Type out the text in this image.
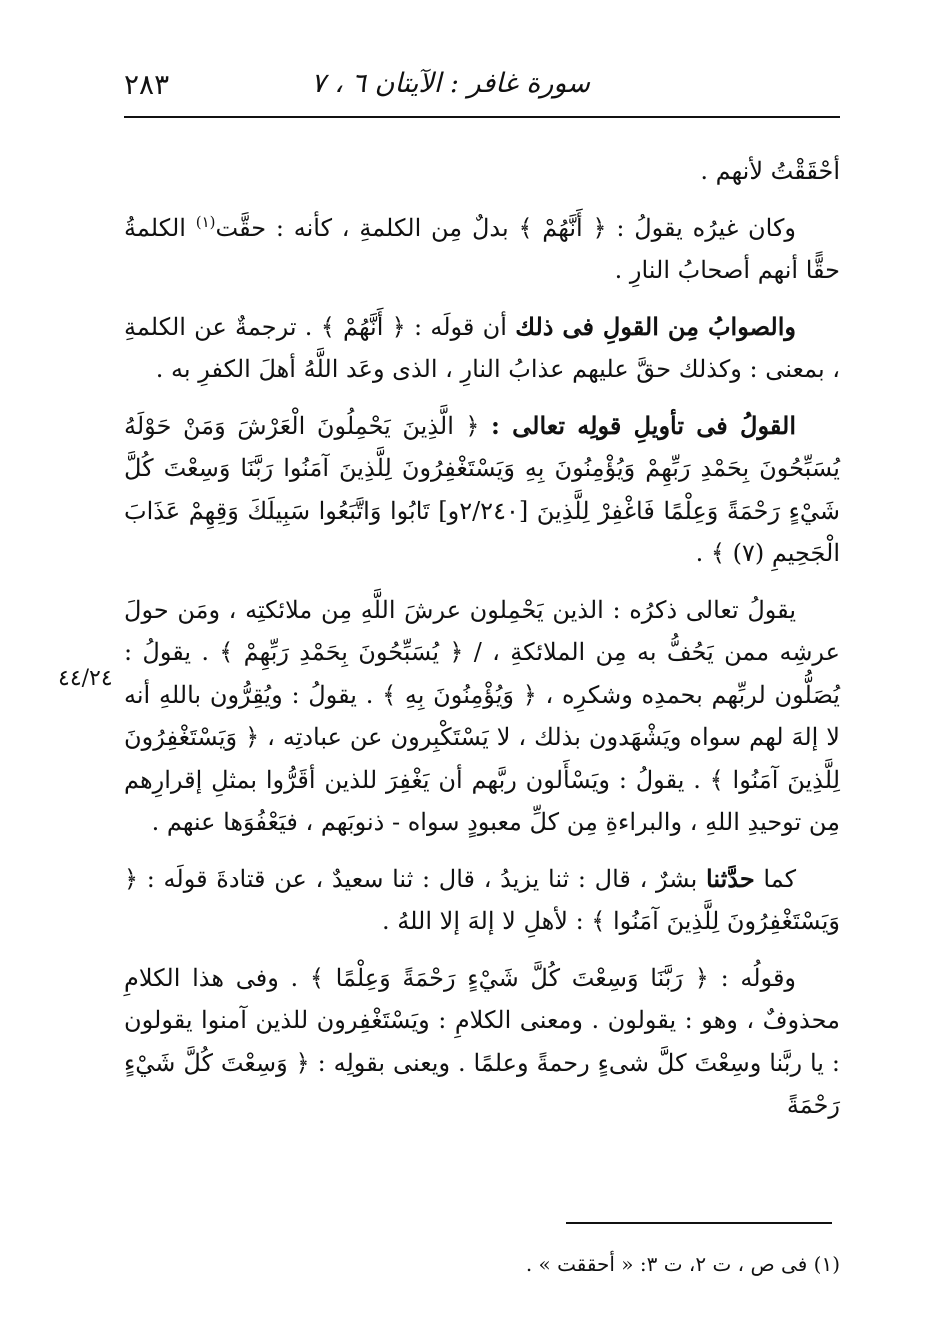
٢٨٣	سورة غافر : الآيتان ٦ ، ٧

أحْقَقْتُ لأنهم .

وكان غيرُه يقولُ : ﴿ أَنَّهُمْ ﴾ بدلٌ مِن الكلمةِ ، كأنه : حقَّت$^{(١)}$ الكلمةُ حقًّا أنهم أصحابُ النارِ .

والصوابُ مِن القولِ فى ذلك أن قولَه : ﴿ أَنَّهُمْ ﴾ . ترجمةٌ عن الكلمةِ ، بمعنى : وكذلك حقَّ عليهم عذابُ النارِ ، الذى وعَد اللَّهُ أهلَ الكفرِ به .

القولُ فى تأويلِ قولِه تعالى : ﴿ الَّذِينَ يَحْمِلُونَ الْعَرْشَ وَمَنْ حَوْلَهُ يُسَبِّحُونَ بِحَمْدِ رَبِّهِمْ وَيُؤْمِنُونَ بِهِ وَيَسْتَغْفِرُونَ لِلَّذِينَ آمَنُوا رَبَّنَا وَسِعْتَ كُلَّ شَيْءٍ رَحْمَةً وَعِلْمًا فَاغْفِرْ لِلَّذِينَ [٢/٢٤٠و] تَابُوا وَاتَّبَعُوا سَبِيلَكَ وَقِهِمْ عَذَابَ الْجَحِيمِ (٧) ﴾ .

يقولُ تعالى ذكرُه : الذين يَحْمِلون عرشَ اللَّهِ مِن ملائكتِه ، ومَن حولَ عرشِه ممن يَحُفُّ به مِن الملائكةِ ، / ﴿ يُسَبِّحُونَ بِحَمْدِ رَبِّهِمْ ﴾ . يقولُ : يُصَلُّون لربِّهم بحمدِه وشكرِه ، ﴿ وَيُؤْمِنُونَ بِهِ ﴾ . يقولُ : ويُقِرُّون باللهِ أنه لا إلهَ لهم سواه ويَشْهَدون بذلك ، لا يَسْتَكْبِرون عن عبادتِه ، ﴿ وَيَسْتَغْفِرُونَ لِلَّذِينَ آمَنُوا ﴾ . يقولُ : ويَسْأَلون ربَّهم أن يَغْفِرَ للذين أقَرُّوا بمثلِ إقرارِهم مِن توحيدِ اللهِ ، والبراءةِ مِن كلِّ معبودٍ سواه - ذنوبَهم ، فيَعْفُوَها عنهم .

كما حدَّثنا بشرٌ ، قال : ثنا يزيدُ ، قال : ثنا سعيدٌ ، عن قتادةَ قولَه : ﴿ وَيَسْتَغْفِرُونَ لِلَّذِينَ آمَنُوا ﴾ : لأهلِ لا إلهَ إلا اللهُ .

وقولُه : ﴿ رَبَّنَا وَسِعْتَ كُلَّ شَيْءٍ رَحْمَةً وَعِلْمًا ﴾ . وفى هذا الكلامِ محذوفٌ ، وهو : يقولون . ومعنى الكلامِ : ويَسْتَغْفِرون للذين آمنوا يقولون : يا ربَّنا وسِعْتَ كلَّ شىءٍ رحمةً وعلمًا . ويعنى بقولِه : ﴿ وَسِعْتَ كُلَّ شَيْءٍ رَحْمَةً

٤٤/٢٤
(١) فى ص ، ت ٢، ت ٣: « أحققت » .
